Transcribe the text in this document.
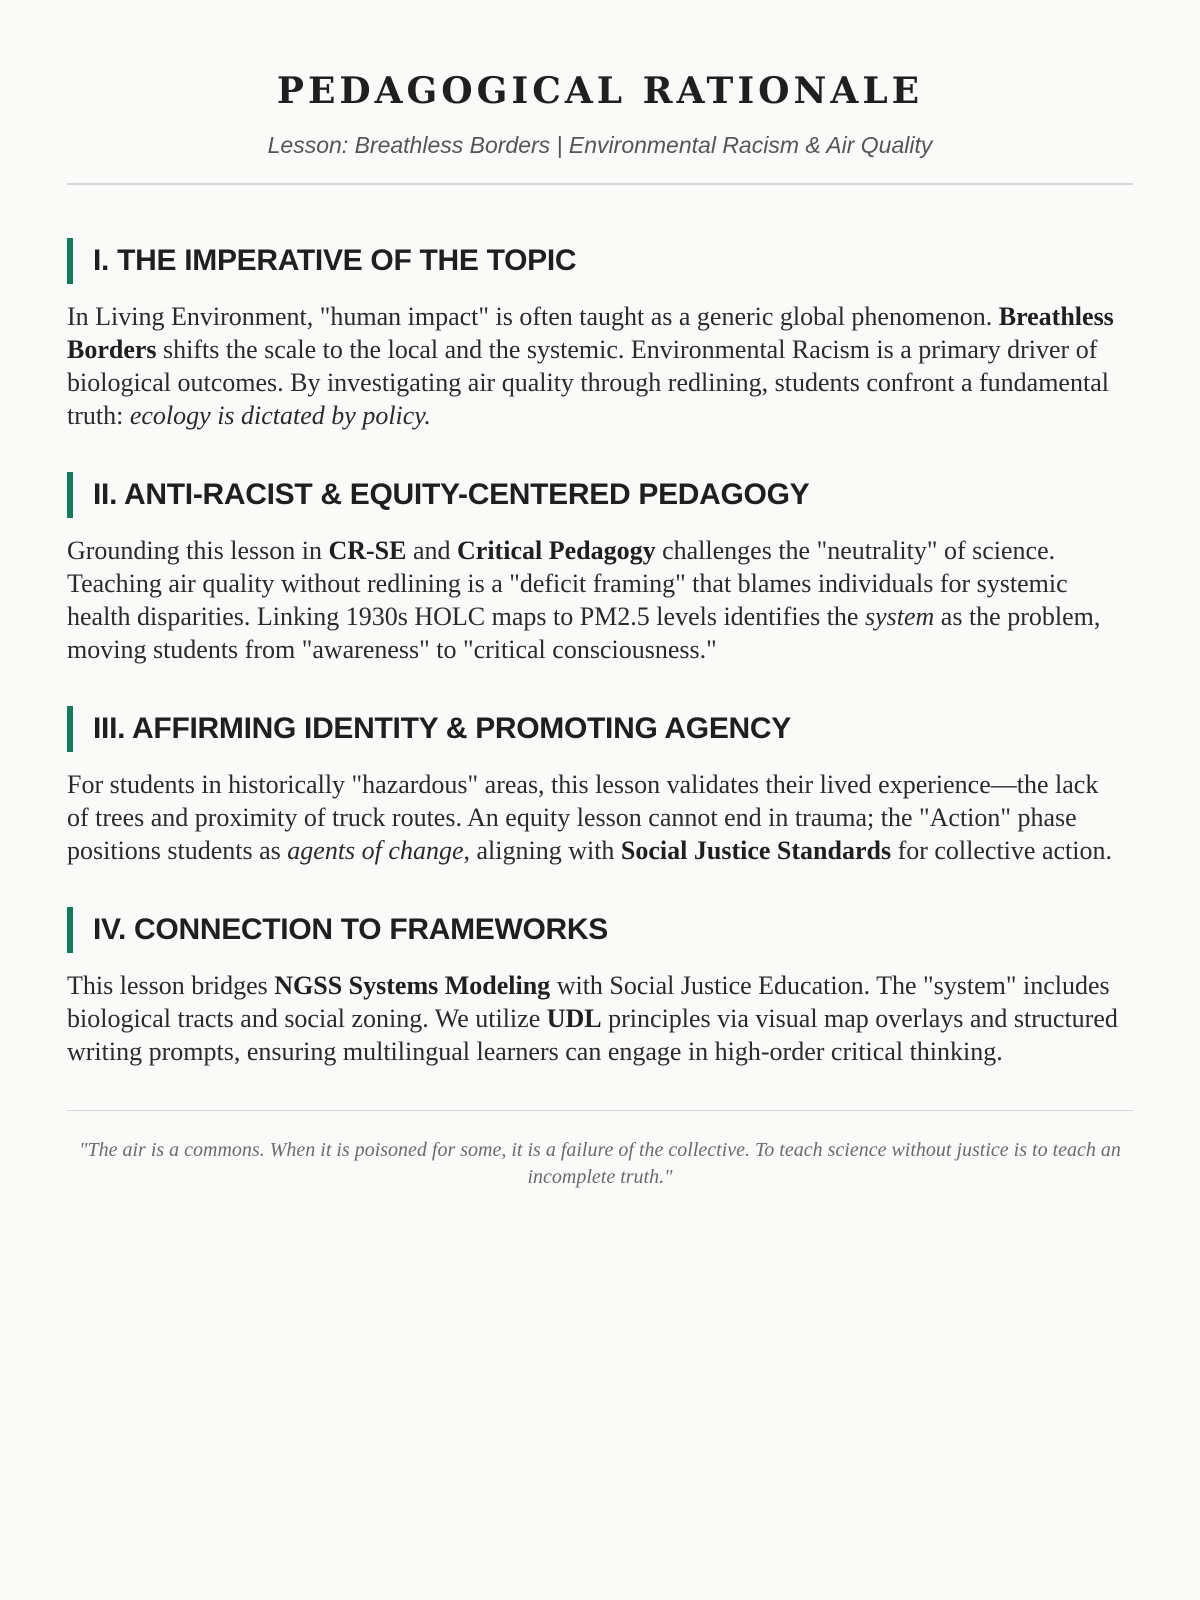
PEDAGOGICAL RATIONALE
Lesson: Breathless Borders | Environmental Racism & Air Quality
I. THE IMPERATIVE OF THE TOPIC

In Living Environment, "human impact" is often taught as a generic global phenomenon. Breathless Borders shifts the scale to the local and the systemic. Environmental Racism is a primary driver of biological outcomes. By investigating air quality through redlining, students confront a fundamental truth: ecology is dictated by policy.

II. ANTI-RACIST & EQUITY-CENTERED PEDAGOGY

Grounding this lesson in CR-SE and Critical Pedagogy challenges the "neutrality" of science. Teaching air quality without redlining is a "deficit framing" that blames individuals for systemic health disparities. Linking 1930s HOLC maps to PM2.5 levels identifies the system as the problem, moving students from "awareness" to "critical consciousness."

III. AFFIRMING IDENTITY & PROMOTING AGENCY

For students in historically "hazardous" areas, this lesson validates their lived experience—the lack of trees and proximity of truck routes. An equity lesson cannot end in trauma; the "Action" phase positions students as agents of change, aligning with Social Justice Standards for collective action.

IV. CONNECTION TO FRAMEWORKS

This lesson bridges NGSS Systems Modeling with Social Justice Education. The "system" includes biological tracts and social zoning. We utilize UDL principles via visual map overlays and structured writing prompts, ensuring multilingual learners can engage in high-order critical thinking.

"The air is a commons. When it is poisoned for some, it is a failure of the collective. To teach science without justice is to teach an incomplete truth."
